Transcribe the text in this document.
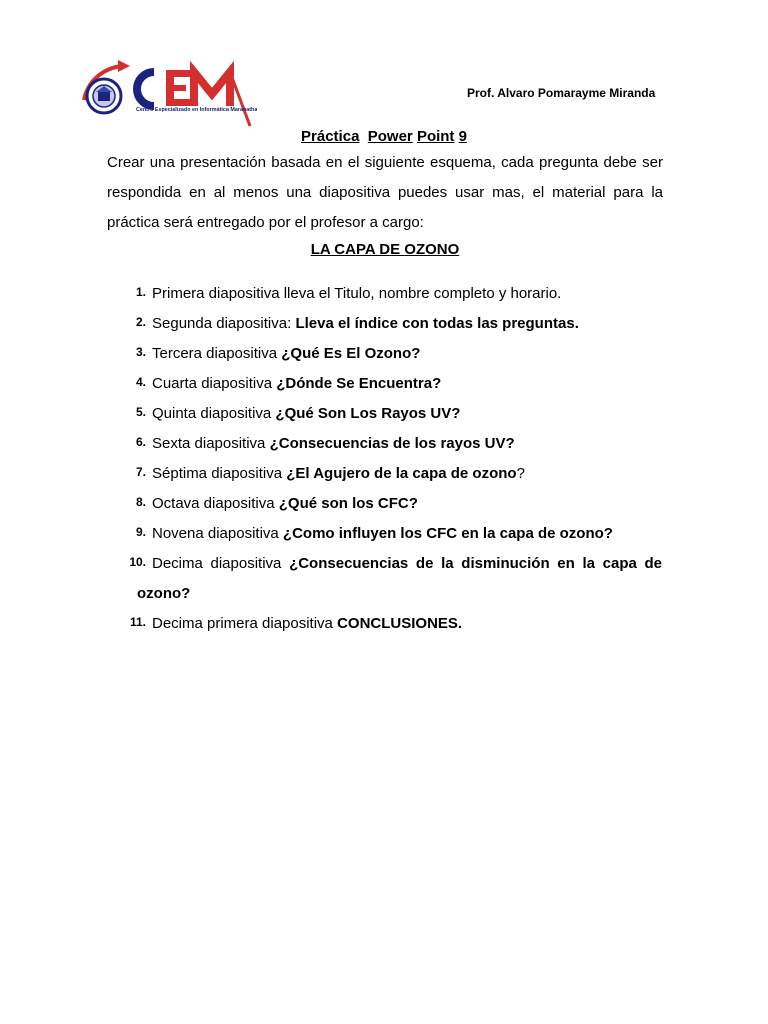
Centro Especializado en Informática Maranatha
Prof. Alvaro Pomarayme Miranda
Práctica Power Point 9
Crear una presentación basada en el siguiente esquema, cada pregunta debe ser respondida en al menos una diapositiva puedes usar mas, el material para la práctica será entregado por el profesor a cargo:
LA CAPA DE OZONO
1. Primera diapositiva lleva el Titulo, nombre completo y horario.
2. Segunda diapositiva: Lleva el índice con todas las preguntas.
3. Tercera diapositiva ¿Qué Es El Ozono?
4. Cuarta diapositiva ¿Dónde Se Encuentra?
5. Quinta diapositiva ¿Qué Son Los Rayos UV?
6. Sexta diapositiva ¿Consecuencias de los rayos UV?
7. Séptima diapositiva ¿El Agujero de la capa de ozono?
8. Octava diapositiva ¿Qué son los CFC?
9. Novena diapositiva ¿Como influyen los CFC en la capa de ozono?
10. Decima diapositiva ¿Consecuencias de la disminución en la capa de
ozono?
11. Decima primera diapositiva CONCLUSIONES.
